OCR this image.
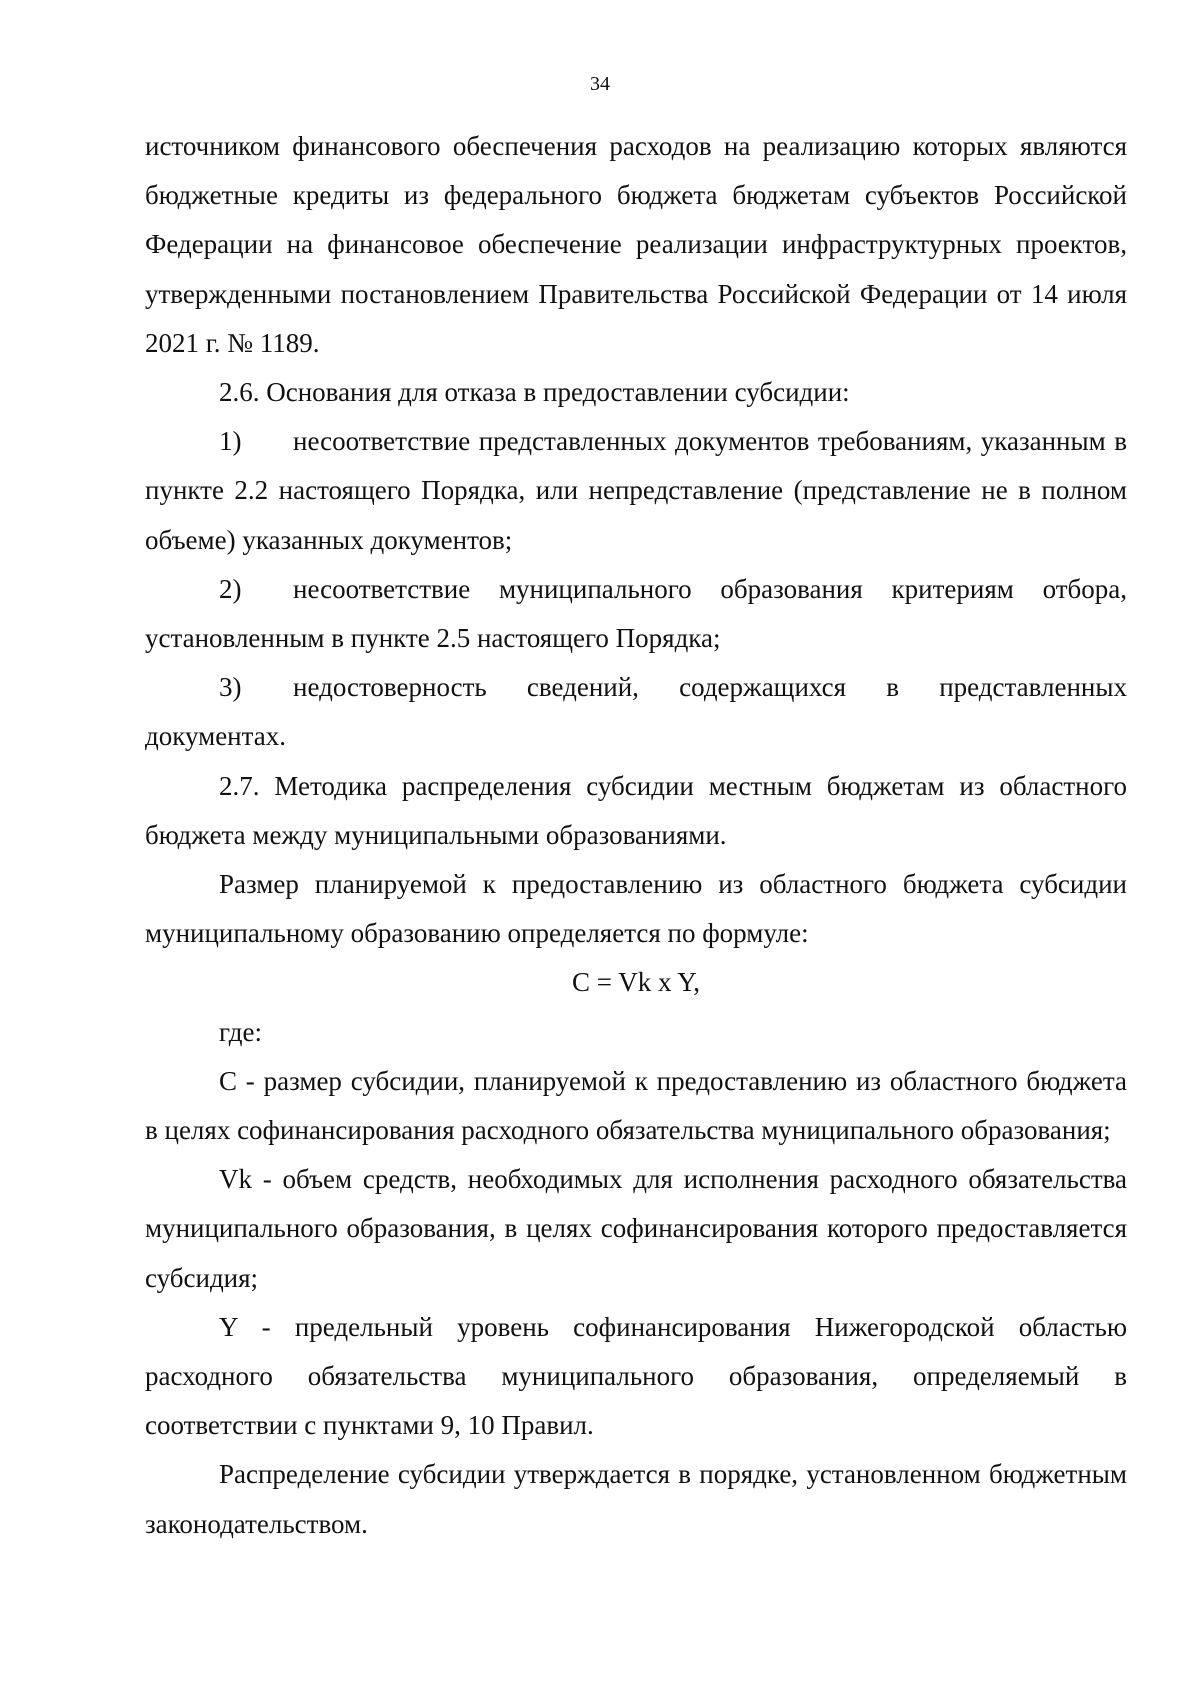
34

источником финансового обеспечения расходов на реализацию которых являются бюджетные кредиты из федерального бюджета бюджетам субъектов Российской Федерации на финансовое обеспечение реализации инфраструктурных проектов, утвержденными постановлением Правительства Российской Федерации от 14 июля 2021 г. № 1189.

2.6. Основания для отказа в предоставлении субсидии:

1) несоответствие представленных документов требованиям, указанным в пункте 2.2 настоящего Порядка, или непредставление (представление не в полном объеме) указанных документов;

2) несоответствие муниципального образования критериям отбора, установленным в пункте 2.5 настоящего Порядка;

3) недостоверность сведений, содержащихся в представленных документах.

2.7. Методика распределения субсидии местным бюджетам из областного бюджета между муниципальными образованиями.

Размер планируемой к предоставлению из областного бюджета субсидии муниципальному образованию определяется по формуле:

C = Vk x Y,

где:

C - размер субсидии, планируемой к предоставлению из областного бюджета в целях софинансирования расходного обязательства муниципального образования;

Vk - объем средств, необходимых для исполнения расходного обязательства муниципального образования, в целях софинансирования которого предоставляется субсидия;

Y - предельный уровень софинансирования Нижегородской областью расходного обязательства муниципального образования, определяемый в соответствии с пунктами 9, 10 Правил.

Распределение субсидии утверждается в порядке, установленном бюджетным законодательством.
